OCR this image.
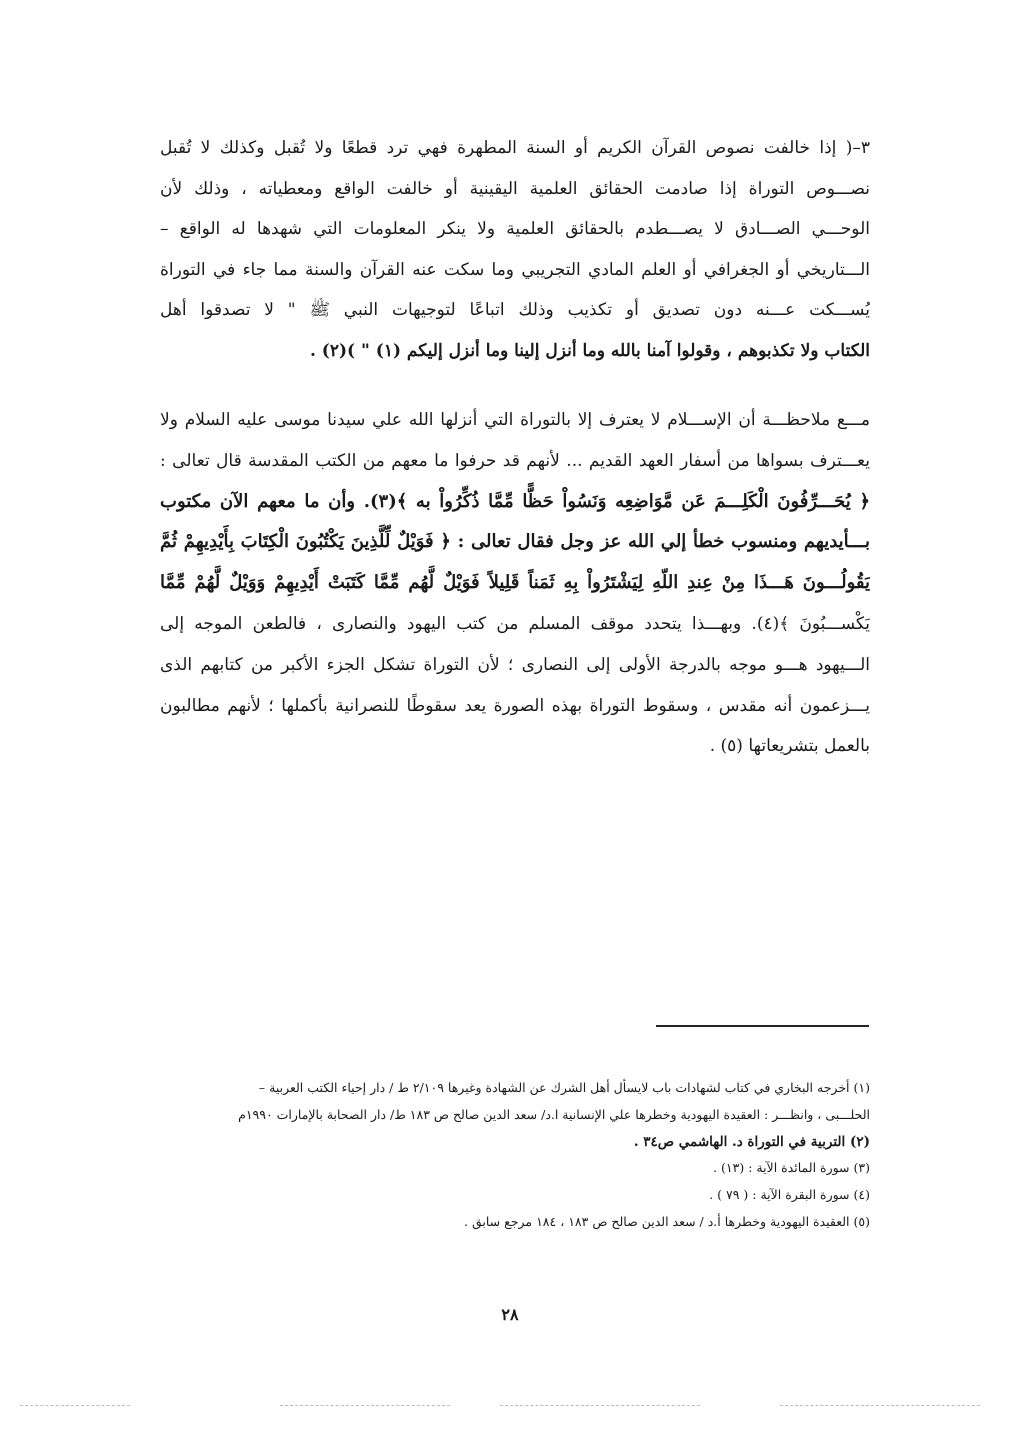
٣–( إذا خالفت نصوص القرآن الكريم أو السنة المطهرة فهي ترد قطعًا ولا تُقبل وكذلك لا تُقبل
نصـــوص التوراة إذا صادمت الحقائق العلمية اليقينية أو خالفت الواقع ومعطياته ، وذلك لأن
الوحـــي الصـــادق لا يصـــطدم بالحقائق العلمية ولا ينكر المعلومات التي شهدها له الواقع –
الـــتاريخي أو الجغرافي أو العلم المادي التجريبي وما سكت عنه القرآن والسنة مما جاء في التوراة
يُســـكت عـــنه دون تصديق أو تكذيب وذلك اتباعًا لتوجيهات النبي ﷺ " لا تصدقوا أهل
الكتاب ولا تكذبوهم ، وقولوا آمنا بالله وما أنزل إلينا وما أنزل إليكم (١) " )(٢) .
مـــع ملاحظـــة أن الإســـلام لا يعترف إلا بالتوراة التي أنزلها الله علي سيدنا موسى عليه السلام ولا
يعـــترف بسواها من أسفار العهد القديم ... لأنهم قد حرفوا ما معهم من الكتب المقدسة قال تعالى :
﴿ يُحَـــرِّفُونَ الْكَلِـــمَ عَن مَّوَاضِعِه وَنَسُواْ حَظًّا مِّمَّا ذُكِّرُواْ به ﴾(٣). وأن ما معهم الآن مكتوب
بـــأيديهم ومنسوب خطأ إلي الله عز وجل فقال تعالى : ﴿ فَوَيْلٌ لِّلَّذِينَ يَكْتُبُونَ الْكِتَابَ بِأَيْدِيهِمْ ثُمَّ
يَقُولُـــونَ هَـــذَا مِنْ عِندِ اللّهِ لِيَشْتَرُواْ بِهِ ثَمَناً قَلِيلاً فَوَيْلٌ لَّهُم مِّمَّا كَتَبَتْ أَيْدِيهِمْ وَوَيْلٌ لَّهُمْ مِّمَّا
يَكْســـبُونَ ﴾(٤). وبهـــذا يتحدد موقف المسلم من كتب اليهود والنصارى ، فالطعن الموجه إلى
الـــيهود هـــو موجه بالدرجة الأولى إلى النصارى ؛ لأن التوراة تشكل الجزء الأكبر من كتابهم الذى
يـــزعمون أنه مقدس ، وسقوط التوراة بهذه الصورة يعد سقوطًا للنصرانية بأكملها ؛ لأنهم مطالبون
بالعمل بتشريعاتها (٥) .
(١) أخرجه البخاري في كتاب لشهادات باب لايسأل أهل الشرك عن الشهادة وغيرها ٢/١٠٩ ط / دار إحياء الكتب العربية –
الحلـــبى ، وانظـــر : العقيدة اليهودية وخطرها علي الإنسانية ا.د/ سعد الدين صالح ص ١٨٣ ط/ دار الصحابة بالإمارات ١٩٩٠م
(٢) التربية في التوراة د. الهاشمي ص٣٤ .
(٣) سورة المائدة الآية : (١٣) .
(٤) سورة البقرة الآية : ( ٧٩ ) .
(٥) العقيدة اليهودية وخطرها أ.د / سعد الدين صالح ص ١٨٣ ، ١٨٤ مرجع سابق .
٢٨
